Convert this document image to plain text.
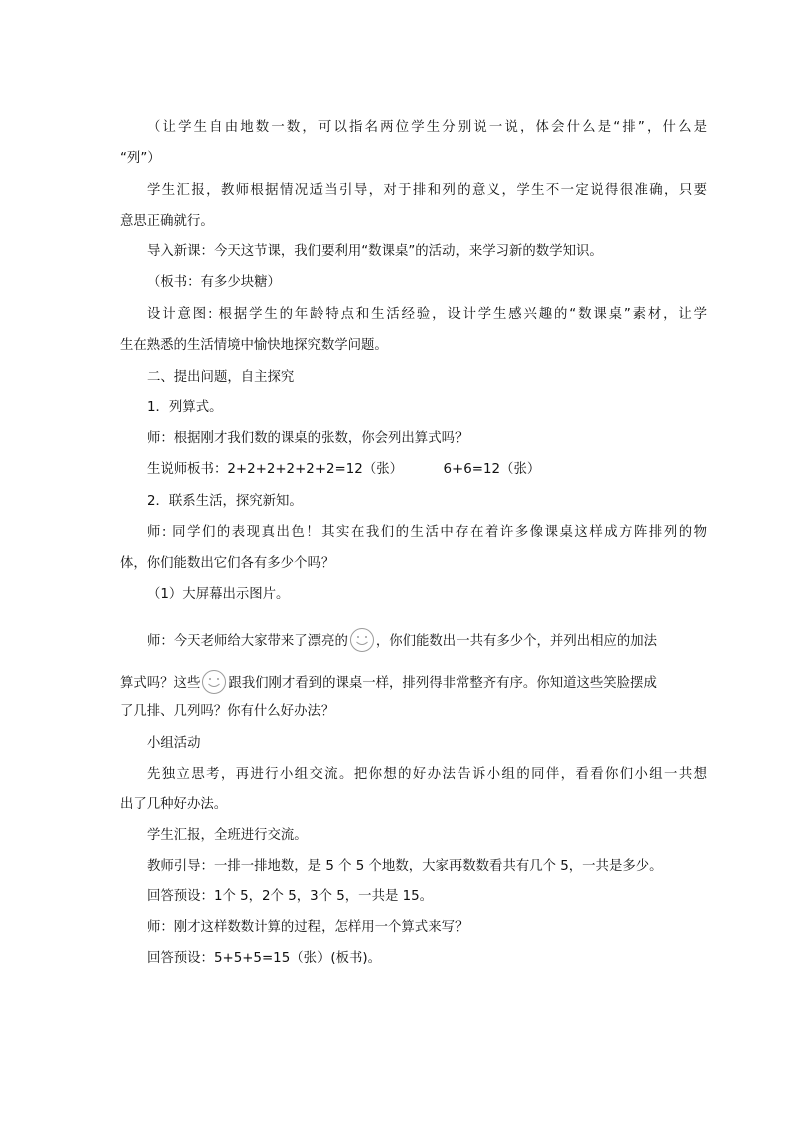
（让学生自由地数一数，可以指名两位学生分别说一说，体会什么是“排”，什么是
“列”）
学生汇报，教师根据情况适当引导，对于排和列的意义，学生不一定说得很准确，只要
意思正确就行。
导入新课：今天这节课，我们要利用“数课桌”的活动，来学习新的数学知识。
（板书：有多少块糖）
设计意图: 根据学生的年龄特点和生活经验，设计学生感兴趣的“数课桌”素材，让学
生在熟悉的生活情境中愉快地探究数学问题。
二、提出问题，自主探究
1．列算式。
师：根据刚才我们数的课桌的张数，你会列出算式吗？
生说师板书：2+2+2+2+2+2=12（张）	6+6=12（张）
2．联系生活，探究新知。
师: 同学们的表现真出色！其实在我们的生活中存在着许多像课桌这样成方阵排列的物
体，你们能数出它们各有多少个吗？
（1）大屏幕出示图片。
师：今天老师给大家带来了漂亮的 ，你们能数出一共有多少个，并列出相应的加法
算式吗？这些 跟我们刚才看到的课桌一样，排列得非常整齐有序。你知道这些笑脸摆成
了几排、几列吗？你有什么好办法？
小组活动
先独立思考，再进行小组交流。把你想的好办法告诉小组的同伴，看看你们小组一共想
出了几种好办法。
学生汇报，全班进行交流。
教师引导：一排一排地数，是 5 个 5 个地数，大家再数数看共有几个 5，一共是多少。
回答预设：1个 5，2个 5，3个 5，一共是 15。
师：刚才这样数数计算的过程，怎样用一个算式来写？
回答预设：5+5+5=15（张）(板书)。
